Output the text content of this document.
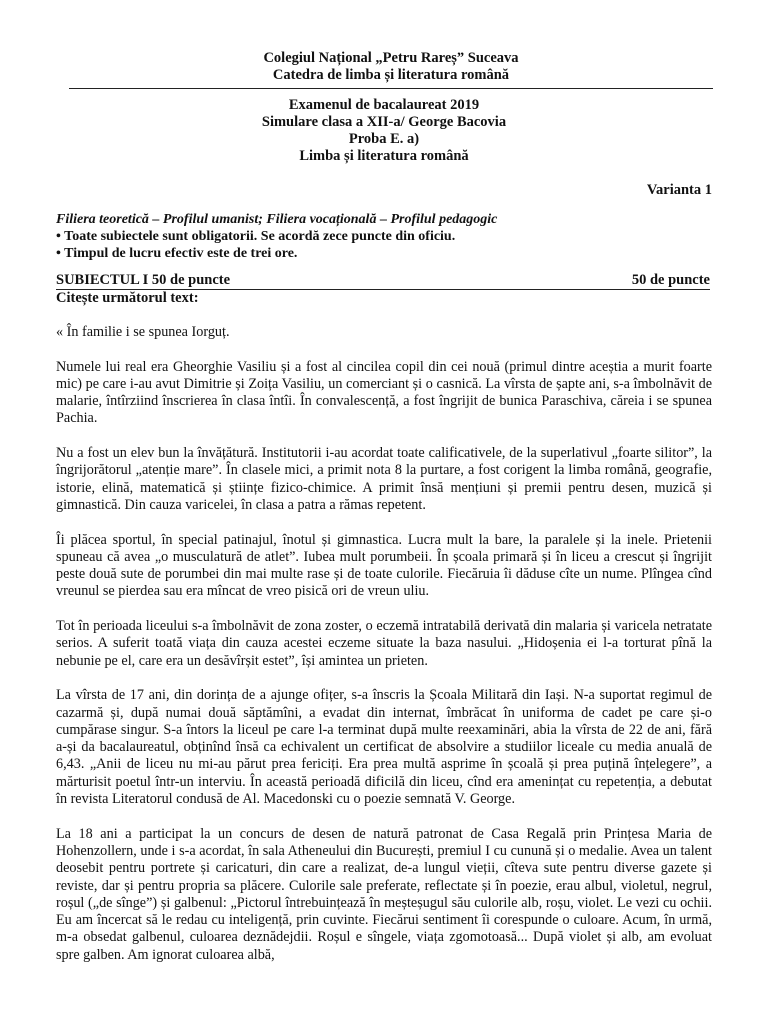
Colegiul Național „Petru Rareș” Suceava
Catedra de limba și literatura română
Examenul de bacalaureat 2019
Simulare clasa a XII-a/ George Bacovia
Proba E. a)
Limba și literatura română
Varianta 1
Filiera teoretică – Profilul umanist; Filiera vocațională – Profilul pedagogic
• Toate subiectele sunt obligatorii. Se acordă zece puncte din oficiu.
• Timpul de lucru efectiv este de trei ore.
SUBIECTUL I 50 de puncte	50 de puncte
Citește următorul text:

« În familie i se spunea Iorguț.

Numele lui real era Gheorghie Vasiliu și a fost al cincilea copil din cei nouă (primul dintre aceștia a murit foarte mic) pe care i-au avut Dimitrie și Zoița Vasiliu, un comerciant și o casnică. La vîrsta de șapte ani, s-a îmbolnăvit de malarie, întîrziind înscrierea în clasa întîi. În convalescență, a fost îngrijit de bunica Paraschiva, căreia i se spunea Pachia.

Nu a fost un elev bun la învățătură. Institutorii i-au acordat toate calificativele, de la superlativul „foarte silitor”, la îngrijorătorul „atenție mare”. În clasele mici, a primit nota 8 la purtare, a fost corigent la limba română, geografie, istorie, elină, matematică și științe fizico-chimice. A primit însă mențiuni și premii pentru desen, muzică și gimnastică. Din cauza varicelei, în clasa a patra a rămas repetent.

Îi plăcea sportul, în special patinajul, înotul și gimnastica. Lucra mult la bare, la paralele și la inele. Prietenii spuneau că avea „o musculatură de atlet”. Iubea mult porumbeii. În școala primară și în liceu a crescut și îngrijit peste două sute de porumbei din mai multe rase și de toate culorile. Fiecăruia îi dăduse cîte un nume. Plîngea cînd vreunul se pierdea sau era mîncat de vreo pisică ori de vreun uliu.

Tot în perioada liceului s-a îmbolnăvit de zona zoster, o eczemă intratabilă derivată din malaria și varicela netratate serios. A suferit toată viața din cauza acestei eczeme situate la baza nasului. „Hidoșenia ei l-a torturat pînă la nebunie pe el, care era un desăvîrșit estet”, își amintea un prieten.

La vîrsta de 17 ani, din dorința de a ajunge ofițer, s-a înscris la Școala Militară din Iași. N-a suportat regimul de cazarmă și, după numai două săptămîni, a evadat din internat, îmbrăcat în uniforma de cadet pe care și-o cumpărase singur. S-a întors la liceul pe care l-a terminat după multe reexaminări, abia la vîrsta de 22 de ani, fără a-și da bacalaureatul, obținînd însă ca echivalent un certificat de absolvire a studiilor liceale cu media anuală de 6,43. „Anii de liceu nu mi-au părut prea fericiți. Era prea multă asprime în școală și prea puțină înțelegere”, a mărturisit poetul într-un interviu. În această perioadă dificilă din liceu, cînd era amenințat cu repetenția, a debutat în revista Literatorul condusă de Al. Macedonski cu o poezie semnată V. George.

La 18 ani a participat la un concurs de desen de natură patronat de Casa Regală prin Prințesa Maria de Hohenzollern, unde i s-a acordat, în sala Atheneului din București, premiul I cu cunună și o medalie. Avea un talent deosebit pentru portrete și caricaturi, din care a realizat, de-a lungul vieții, cîteva sute pentru diverse gazete și reviste, dar și pentru propria sa plăcere. Culorile sale preferate, reflectate și în poezie, erau albul, violetul, negrul, roșul („de sînge”) și galbenul: „Pictorul întrebuințează în meșteșugul său culorile alb, roșu, violet. Le vezi cu ochii. Eu am încercat să le redau cu inteligență, prin cuvinte. Fiecărui sentiment îi corespunde o culoare. Acum, în urmă, m-a obsedat galbenul, culoarea deznădejdii. Roșul e sîngele, viața zgomotoasă... După violet și alb, am evoluat spre galben. Am ignorat culoarea albă,
